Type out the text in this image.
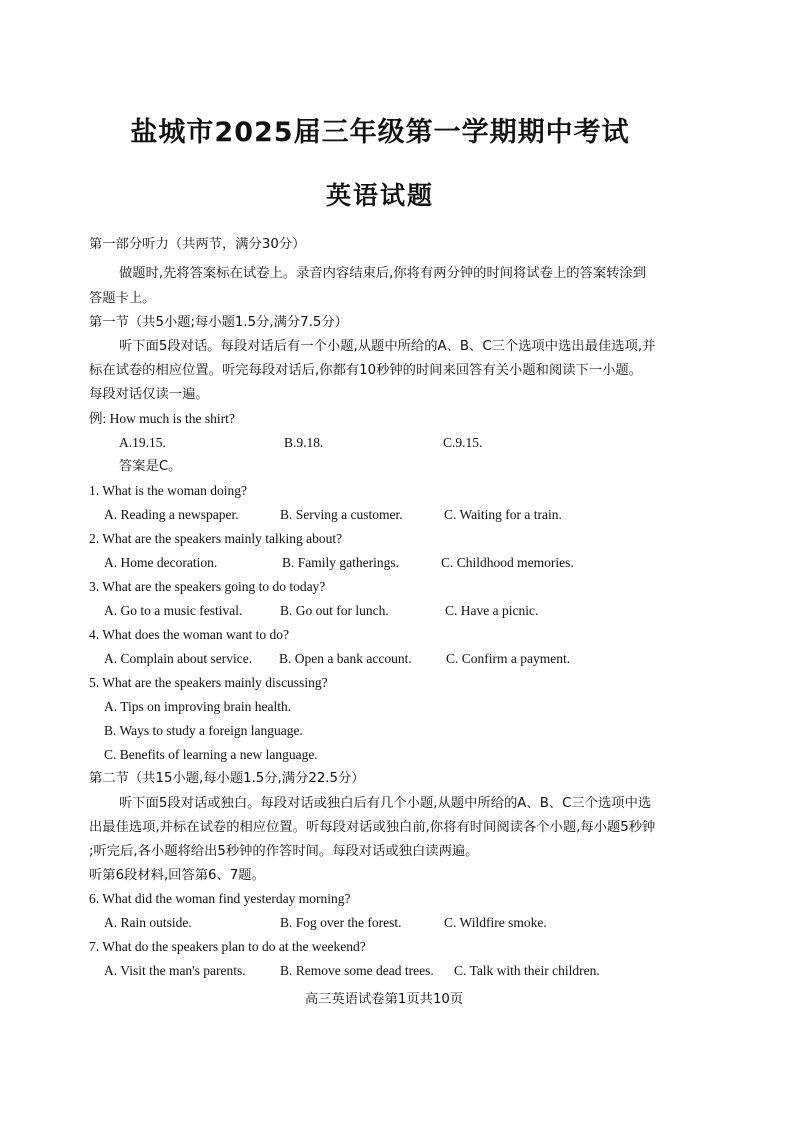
盐城市2025届三年级第一学期期中考试
英语试题
第一部分听力（共两节，满分30分）
做题时,先将答案标在试卷上。录音内容结束后,你将有两分钟的时间将试卷上的答案转涂到
答题卡上。
第一节（共5小题;每小题1.5分,满分7.5分）
听下面5段对话。每段对话后有一个小题,从题中所给的A、B、C三个选项中选出最佳选项,并
标在试卷的相应位置。听完每段对话后,你都有10秒钟的时间来回答有关小题和阅读下一小题。
每段对话仅读一遍。
例: How much is the shirt?
A.19.15.	B.9.18.	C.9.15.
答案是C。
1. What is the woman doing?
A. Reading a newspaper.	B. Serving a customer.	C. Waiting for a train.
2. What are the speakers mainly talking about?
A. Home decoration.	B. Family gatherings.	C. Childhood memories.
3. What are the speakers going to do today?
A. Go to a music festival.	B. Go out for lunch.	C. Have a picnic.
4. What does the woman want to do?
A. Complain about service. B. Open a bank account.	C. Confirm a payment.
5. What are the speakers mainly discussing?
A. Tips on improving brain health.
B. Ways to study a foreign language.
C. Benefits of learning a new language.
第二节（共15小题,每小题1.5分,满分22.5分）
听下面5段对话或独白。每段对话或独白后有几个小题,从题中所给的A、B、C三个选项中选
出最佳选项,并标在试卷的相应位置。听每段对话或独白前,你将有时间阅读各个小题,每小题5秒钟
;听完后,各小题将给出5秒钟的作答时间。每段对话或独白读两遍。
听第6段材料,回答第6、7题。
6. What did the woman find yesterday morning?
A. Rain outside.	B. Fog over the forest.	C. Wildfire smoke.
7. What do the speakers plan to do at the weekend?
A. Visit the man's parents.	B. Remove some dead trees. C. Talk with their children.
高三英语试卷第1页共10页
